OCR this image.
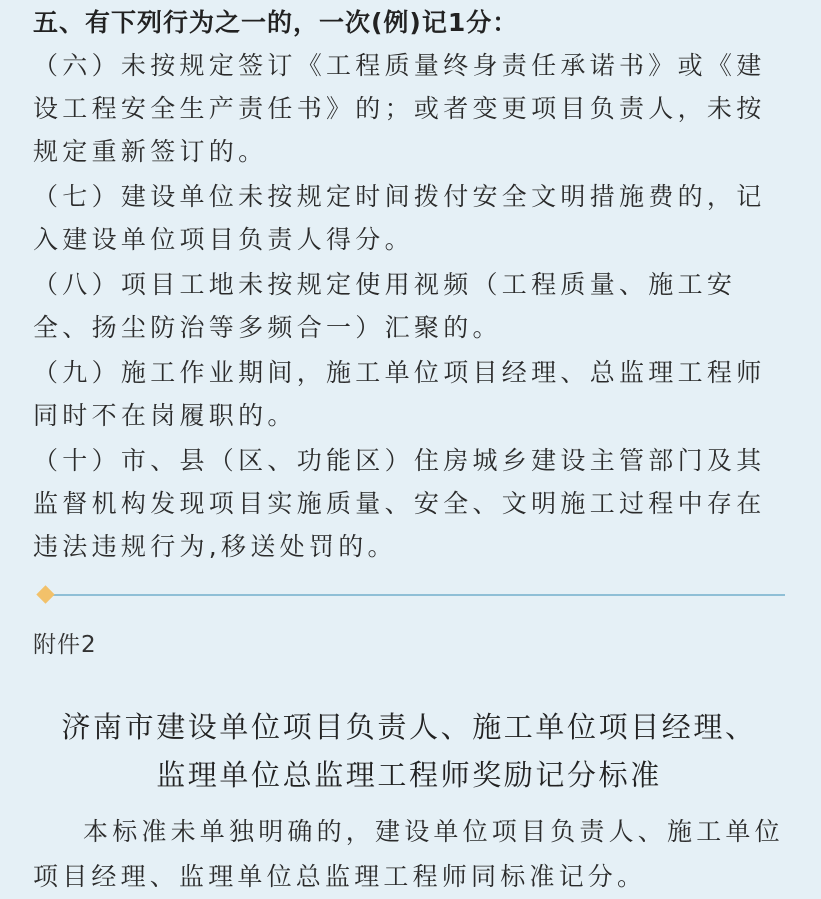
五、有下列行为之一的，一次(例)记1分：
（六）未按规定签订《工程质量终身责任承诺书》或《建设工程安全生产责任书》的；或者变更项目负责人，未按规定重新签订的。
（七）建设单位未按规定时间拨付安全文明措施费的，记入建设单位项目负责人得分。
（八）项目工地未按规定使用视频（工程质量、施工安全、扬尘防治等多频合一）汇聚的。
（九）施工作业期间，施工单位项目经理、总监理工程师同时不在岗履职的。
（十）市、县（区、功能区）住房城乡建设主管部门及其监督机构发现项目实施质量、安全、文明施工过程中存在违法违规行为,移送处罚的。

附件2

济南市建设单位项目负责人、施工单位项目经理、
监理单位总监理工程师奖励记分标准

本标准未单独明确的，建设单位项目负责人、施工单位项目经理、监理单位总监理工程师同标准记分。
